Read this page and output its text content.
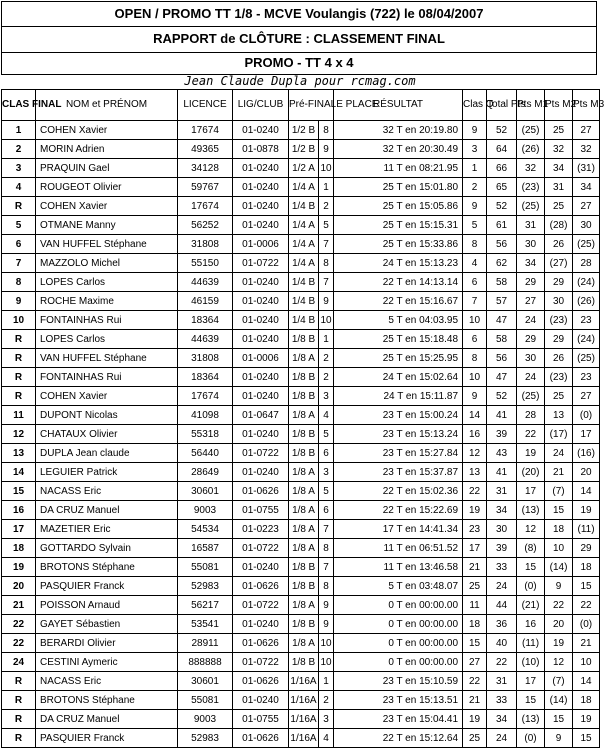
OPEN / PROMO TT 1/8 - MCVE Voulangis (722) le 08/04/2007
RAPPORT de CLÔTURE : CLASSEMENT FINAL
PROMO - TT 4 x 4
Jean Claude Dupla pour rcmag.com
CLAS FINAL	NOM et PRÉNOM	LICENCE	LIG/CLUB	Pré-FINALE PLACE		RÉSULTAT	Clas Q	Total Pts	Pts M1	Pts M2	Pts M3
1	COHEN Xavier	17674	01-0240	1/2 B	8	32 T en 20:19.80	9	52	(25)	25	27
2	MORIN Adrien	49365	01-0878	1/2 B	9	32 T en 20:30.49	3	64	(26)	32	32
3	PRAQUIN Gael	34128	01-0240	1/2 A	10	11 T en 08:21.95	1	66	32	34	(31)
4	ROUGEOT Olivier	59767	01-0240	1/4 A	1	25 T en 15:01.80	2	65	(23)	31	34
R	COHEN Xavier	17674	01-0240	1/4 B	2	25 T en 15:05.86	9	52	(25)	25	27
5	OTMANE Manny	56252	01-0240	1/4 A	5	25 T en 15:15.31	5	61	31	(28)	30
6	VAN HUFFEL Stéphane	31808	01-0006	1/4 A	7	25 T en 15:33.86	8	56	30	26	(25)
7	MAZZOLO Michel	55150	01-0722	1/4 A	8	24 T en 15:13.23	4	62	34	(27)	28
8	LOPES Carlos	44639	01-0240	1/4 B	7	22 T en 14:13.14	6	58	29	29	(24)
9	ROCHE Maxime	46159	01-0240	1/4 B	9	22 T en 15:16.67	7	57	27	30	(26)
10	FONTAINHAS Rui	18364	01-0240	1/4 B	10	5 T en 04:03.95	10	47	24	(23)	23
R	LOPES Carlos	44639	01-0240	1/8 B	1	25 T en 15:18.48	6	58	29	29	(24)
R	VAN HUFFEL Stéphane	31808	01-0006	1/8 A	2	25 T en 15:25.95	8	56	30	26	(25)
R	FONTAINHAS Rui	18364	01-0240	1/8 B	2	24 T en 15:02.64	10	47	24	(23)	23
R	COHEN Xavier	17674	01-0240	1/8 B	3	24 T en 15:11.87	9	52	(25)	25	27
11	DUPONT Nicolas	41098	01-0647	1/8 A	4	23 T en 15:00.24	14	41	28	13	(0)
12	CHATAUX Olivier	55318	01-0240	1/8 B	5	23 T en 15:13.24	16	39	22	(17)	17
13	DUPLA Jean claude	56440	01-0722	1/8 B	6	23 T en 15:27.84	12	43	19	24	(16)
14	LEGUIER Patrick	28649	01-0240	1/8 A	3	23 T en 15:37.87	13	41	(20)	21	20
15	NACASS Eric	30601	01-0626	1/8 A	5	22 T en 15:02.36	22	31	17	(7)	14
16	DA CRUZ Manuel	9003	01-0755	1/8 A	6	22 T en 15:22.69	19	34	(13)	15	19
17	MAZETIER Eric	54534	01-0223	1/8 A	7	17 T en 14:41.34	23	30	12	18	(11)
18	GOTTARDO Sylvain	16587	01-0722	1/8 A	8	11 T en 06:51.52	17	39	(8)	10	29
19	BROTONS Stéphane	55081	01-0240	1/8 B	7	11 T en 13:46.58	21	33	15	(14)	18
20	PASQUIER Franck	52983	01-0626	1/8 B	8	5 T en 03:48.07	25	24	(0)	9	15
21	POISSON Arnaud	56217	01-0722	1/8 A	9	0 T en 00:00.00	11	44	(21)	22	22
22	GAYET Sébastien	53541	01-0240	1/8 B	9	0 T en 00:00.00	18	36	16	20	(0)
22	BERARDI Olivier	28911	01-0626	1/8 A	10	0 T en 00:00.00	15	40	(11)	19	21
24	CESTINI Aymeric	888888	01-0722	1/8 B	10	0 T en 00:00.00	27	22	(10)	12	10
R	NACASS Eric	30601	01-0626	1/16A	1	23 T en 15:10.59	22	31	17	(7)	14
R	BROTONS Stéphane	55081	01-0240	1/16A	2	23 T en 15:13.51	21	33	15	(14)	18
R	DA CRUZ Manuel	9003	01-0755	1/16A	3	23 T en 15:04.41	19	34	(13)	15	19
R	PASQUIER Franck	52983	01-0626	1/16A	4	22 T en 15:12.64	25	24	(0)	9	15
